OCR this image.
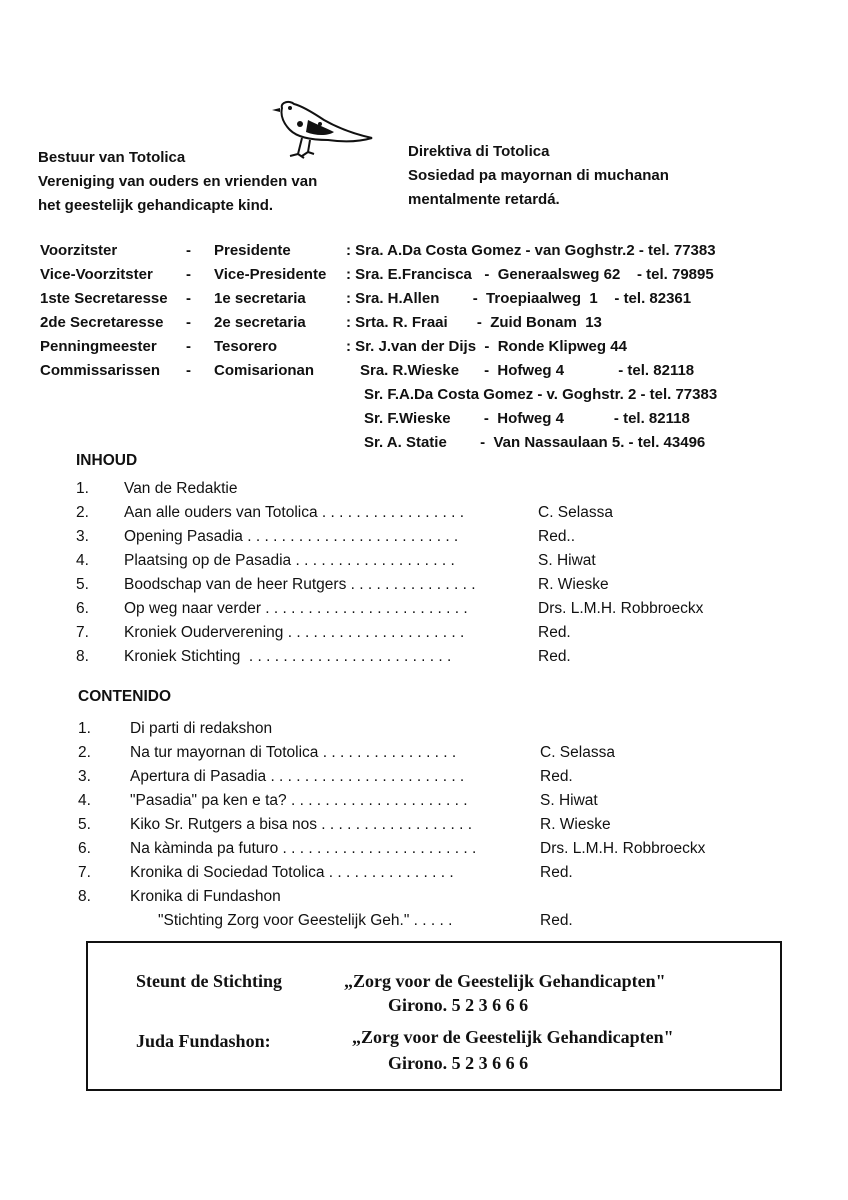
Bestuur van Totolica
Vereniging van ouders en vrienden van
het geestelijk gehandicapte kind.
Direktiva di Totolica
Sosiedad pa mayornan di muchanan
mentalmente retardá.
Voorzitster	- Presidente	: Sra. A.Da Costa Gomez - van Goghstr.2 - tel. 77383
Vice-Voorzitster - Vice-Presidente : Sra. E.Francisca   -  Generaalsweg 62    - tel. 79895
1ste Secretaresse - 1e secretaria	: Sra. H.Allen        -  Troepiaalweg  1    - tel. 82361
2de Secretaresse - 2e secretaria	: Srta. R. Fraai       -  Zuid Bonam  13
Penningmeester - Tesorero	: Sr. J.van der Dijs  -  Ronde Klipweg 44
Commissarissen - Comisarionan	Sra. R.Wieske      -  Hofweg 4             - tel. 82118
Sr. F.A.Da Costa Gomez - v. Goghstr. 2 - tel. 77383
Sr. F.Wieske        -  Hofweg 4            - tel. 82118
Sr. A. Statie        -  Van Nassaulaan 5. - tel. 43496
INHOUD
1. Van de Redaktie
2. Aan alle ouders van Totolica . . . . . . . . . . . . . . . . .	C. Selassa
3. Opening Pasadia . . . . . . . . . . . . . . . . . . . . . . . . .	Red..
4. Plaatsing op de Pasadia . . . . . . . . . . . . . . . . . . .	S. Hiwat
5. Boodschap van de heer Rutgers . . . . . . . . . . . . . . .	R. Wieske
6. Op weg naar verder . . . . . . . . . . . . . . . . . . . . . . . .	Drs. L.M.H. Robbroeckx
7. Kroniek Ouderverening . . . . . . . . . . . . . . . . . . . . .	Red.
8. Kroniek Stichting  . . . . . . . . . . . . . . . . . . . . . . . .	Red.
CONTENIDO
1.	Di parti di redakshon
2.	Na tur mayornan di Totolica . . . . . . . . . . . . . . . .	C. Selassa
3.	Apertura di Pasadia . . . . . . . . . . . . . . . . . . . . . . .	Red.
4.	"Pasadia" pa ken e ta? . . . . . . . . . . . . . . . . . . . . .	S. Hiwat
5.	Kiko Sr. Rutgers a bisa nos . . . . . . . . . . . . . . . . . .	R. Wieske
6.	Na kàminda pa futuro . . . . . . . . . . . . . . . . . . . . . . .	Drs. L.M.H. Robbroeckx
7.	Kronika di Sociedad Totolica . . . . . . . . . . . . . . .	Red.
8.	Kronika di Fundashon
"Stichting Zorg voor Geestelijk Geh." . . . . .	Red.
Steunt de Stichting	„Zorg voor de Geestelijk Gehandicapten"
Girono. 5 2 3 6 6 6
Juda Fundashon:	„Zorg voor de Geestelijk Gehandicapten"
Girono. 5 2 3 6 6 6
